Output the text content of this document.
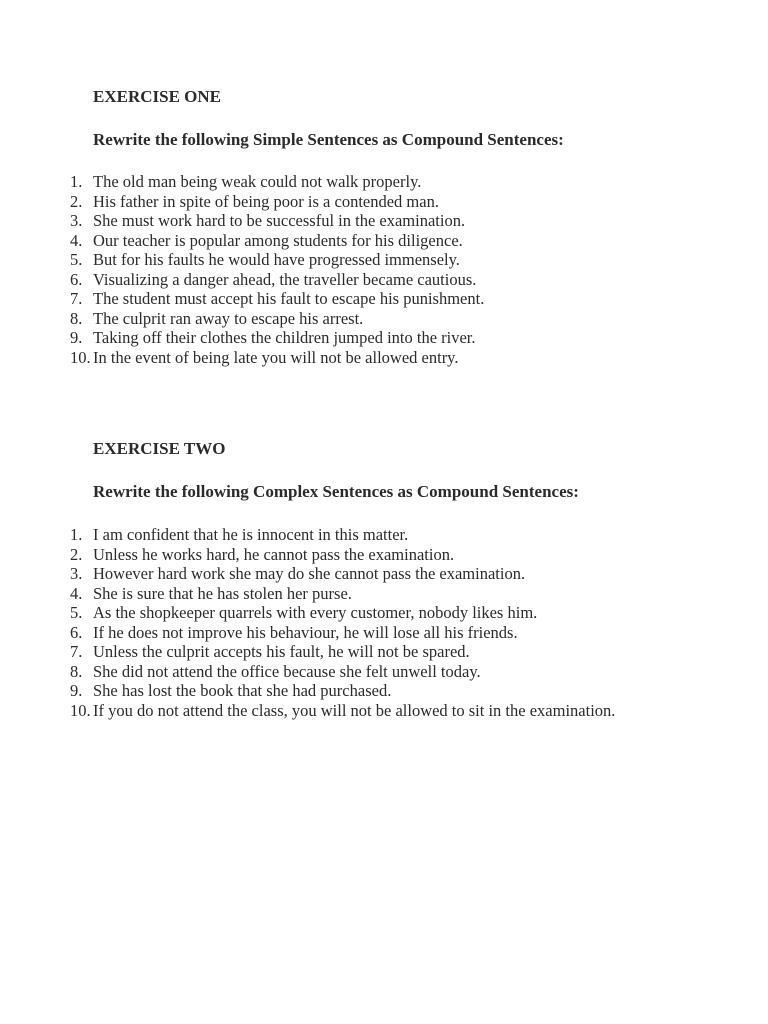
EXERCISE ONE

Rewrite the following Simple Sentences as Compound Sentences:

1. The old man being weak could not walk properly.
2. His father in spite of being poor is a contended man.
3. She must work hard to be successful in the examination.
4. Our teacher is popular among students for his diligence.
5. But for his faults he would have progressed immensely.
6. Visualizing a danger ahead, the traveller became cautious.
7. The student must accept his fault to escape his punishment.
8. The culprit ran away to escape his arrest.
9. Taking off their clothes the children jumped into the river.
10. In the event of being late you will not be allowed entry.
EXERCISE TWO

Rewrite the following Complex Sentences as Compound Sentences:

1. I am confident that he is innocent in this matter.
2. Unless he works hard, he cannot pass the examination.
3. However hard work she may do she cannot pass the examination.
4. She is sure that he has stolen her purse.
5. As the shopkeeper quarrels with every customer, nobody likes him.
6. If he does not improve his behaviour, he will lose all his friends.
7. Unless the culprit accepts his fault, he will not be spared.
8. She did not attend the office because she felt unwell today.
9. She has lost the book that she had purchased.
10. If you do not attend the class, you will not be allowed to sit in the examination.
